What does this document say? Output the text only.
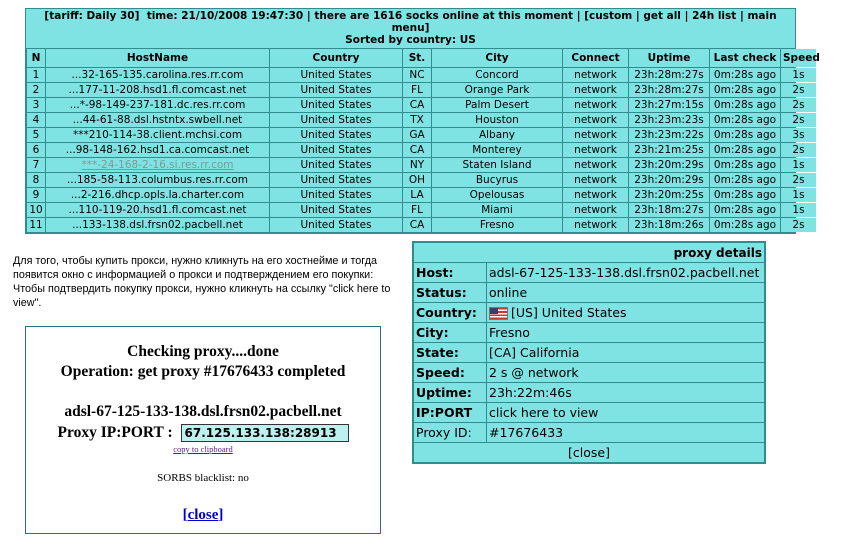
[tariff: Daily 30] time: 21/10/2008 19:47:30 | there are 1616 socks online at this moment | [custom | get all | 24h list | main menu]
Sorted by country: US
N	HostName	Country	St.	City	Connect	Uptime	Last check	Speed
1	...32-165-135.carolina.res.rr.com	United States	NC	Concord	network	23h:28m:27s	0m:28s ago	1s
2	...177-11-208.hsd1.fl.comcast.net	United States	FL	Orange Park	network	23h:28m:27s	0m:28s ago	2s
3	...*-98-149-237-181.dc.res.rr.com	United States	CA	Palm Desert	network	23h:27m:15s	0m:28s ago	2s
4	...44-61-88.dsl.hstntx.swbell.net	United States	TX	Houston	network	23h:23m:23s	0m:28s ago	2s
5	***210-114-38.client.mchsi.com	United States	GA	Albany	network	23h:23m:22s	0m:28s ago	3s
6	...98-148-162.hsd1.ca.comcast.net	United States	CA	Monterey	network	23h:21m:25s	0m:28s ago	2s
7	***-24-168-2-16.si.res.rr.com	United States	NY	Staten Island	network	23h:20m:29s	0m:28s ago	1s
8	...185-58-113.columbus.res.rr.com	United States	OH	Bucyrus	network	23h:20m:29s	0m:28s ago	2s
9	...2-216.dhcp.opls.la.charter.com	United States	LA	Opelousas	network	23h:20m:25s	0m:28s ago	1s
10	...110-119-20.hsd1.fl.comcast.net	United States	FL	Miami	network	23h:18m:27s	0m:28s ago	1s
11	...133-138.dsl.frsn02.pacbell.net	United States	CA	Fresno	network	23h:18m:26s	0m:28s ago	2s
Для того, чтобы купить прокси, нужно кликнуть на его хостнейме и тогда появится окно с информацией о прокси и подтверждением его покупки: Чтобы подтвердить покупку прокси, нужно кликнуть на ссылку "click here to view".
Checking proxy....done
Operation: get proxy #17676433 completed
adsl-67-125-133-138.dsl.frsn02.pacbell.net
Proxy IP:PORT : 67.125.133.138:28913
copy to clipboard
SORBS blacklist: no
[close]
proxy details	
Host:	adsl-67-125-133-138.dsl.frsn02.pacbell.net
Status:	online
Country:	[US] United States
City:	Fresno
State:	[CA] California
Speed:	2 s @ network
Uptime:	23h:22m:46s
IP:PORT	click here to view
Proxy ID:	#17676433
[close]	
